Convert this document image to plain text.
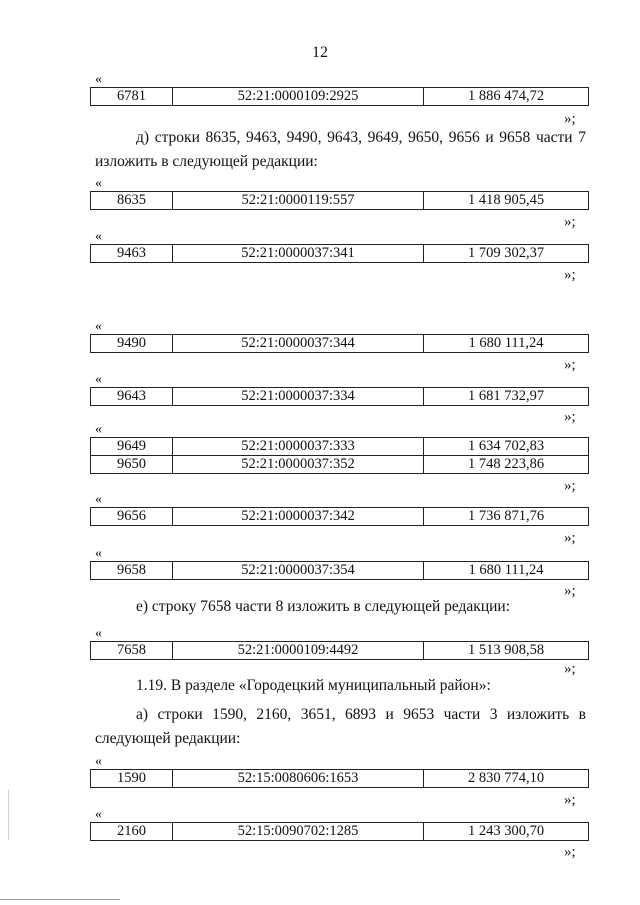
12
«
6781	52:21:0000109:2925	1 886 474,72
»;
д) строки 8635, 9463, 9490, 9643, 9649, 9650, 9656 и 9658 части 7
изложить в следующей редакции:
«
8635	52:21:0000119:557	1 418 905,45
»;
«
9463	52:21:0000037:341	1 709 302,37
»;
«
9490	52:21:0000037:344	1 680 111,24
»;
«
9643	52:21:0000037:334	1 681 732,97
»;
«
9649	52:21:0000037:333	1 634 702,83
9650	52:21:0000037:352	1 748 223,86
»;
«
9656	52:21:0000037:342	1 736 871,76
»;
«
9658	52:21:0000037:354	1 680 111,24
»;
е) строку 7658 части 8 изложить в следующей редакции:
«
7658	52:21:0000109:4492	1 513 908,58
»;
1.19. В разделе «Городецкий муниципальный район»:
а) строки 1590, 2160, 3651, 6893 и 9653 части 3 изложить в
следующей редакции:
«
1590	52:15:0080606:1653	2 830 774,10
»;
«
2160	52:15:0090702:1285	1 243 300,70
»;
